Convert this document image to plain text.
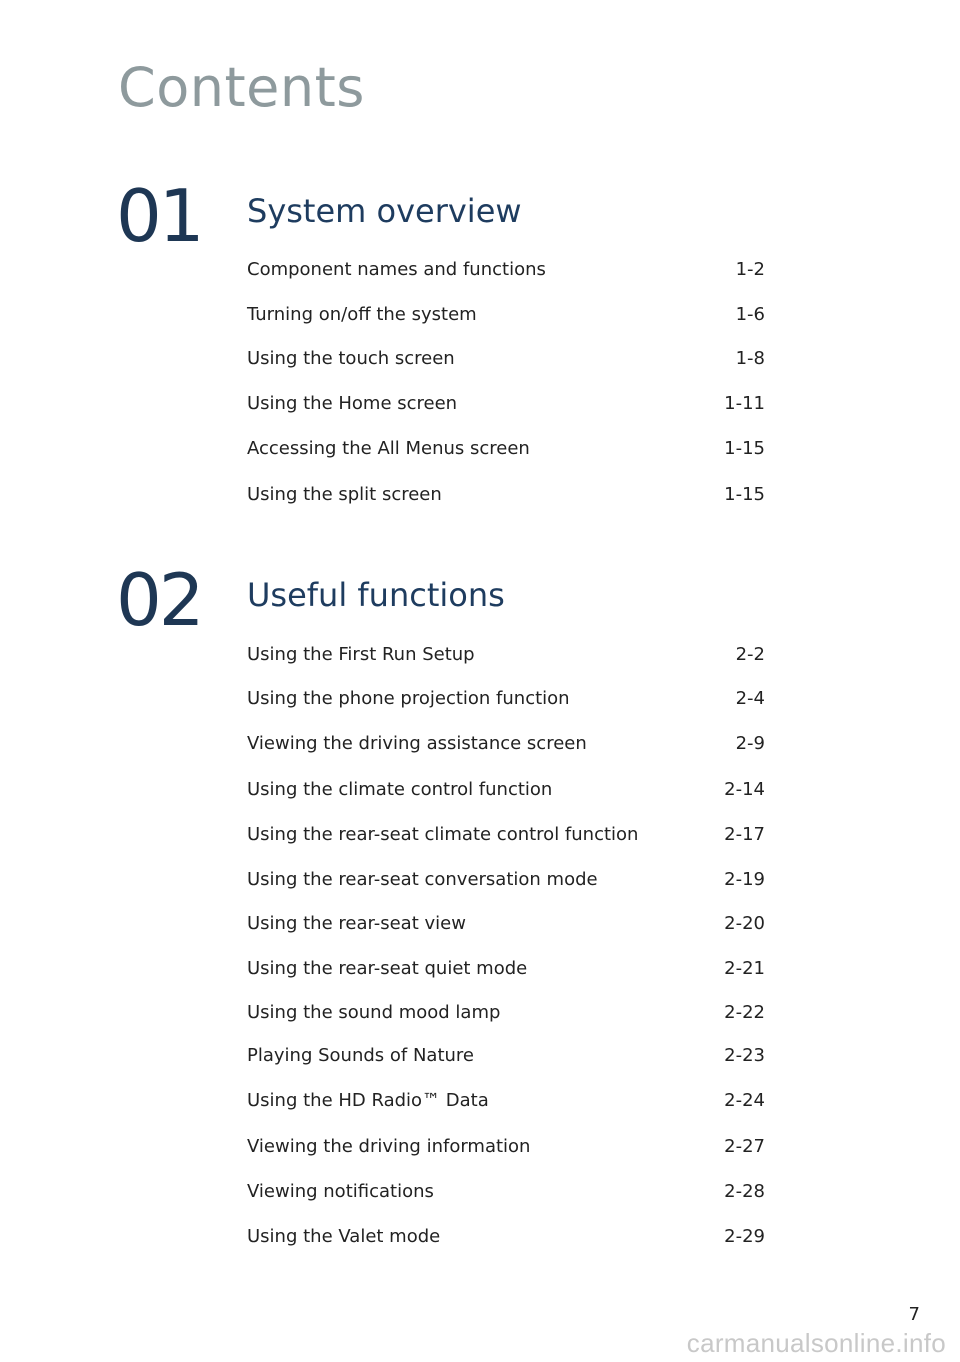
Contents
01 System overview
Component names and functions	1-2
Turning on/off the system	1-6
Using the touch screen	1-8
Using the Home screen	1-11
Accessing the All Menus screen	1-15
Using the split screen	1-15
02 Useful functions
Using the First Run Setup	2-2
Using the phone projection function	2-4
Viewing the driving assistance screen	2-9
Using the climate control function	2-14
Using the rear-seat climate control function	2-17
Using the rear-seat conversation mode	2-19
Using the rear-seat view	2-20
Using the rear-seat quiet mode	2-21
Using the sound mood lamp	2-22
Playing Sounds of Nature	2-23
Using the HD Radio™ Data	2-24
Viewing the driving information	2-27
Viewing notifications	2-28
Using the Valet mode	2-29
7
carmanualsonline.info
